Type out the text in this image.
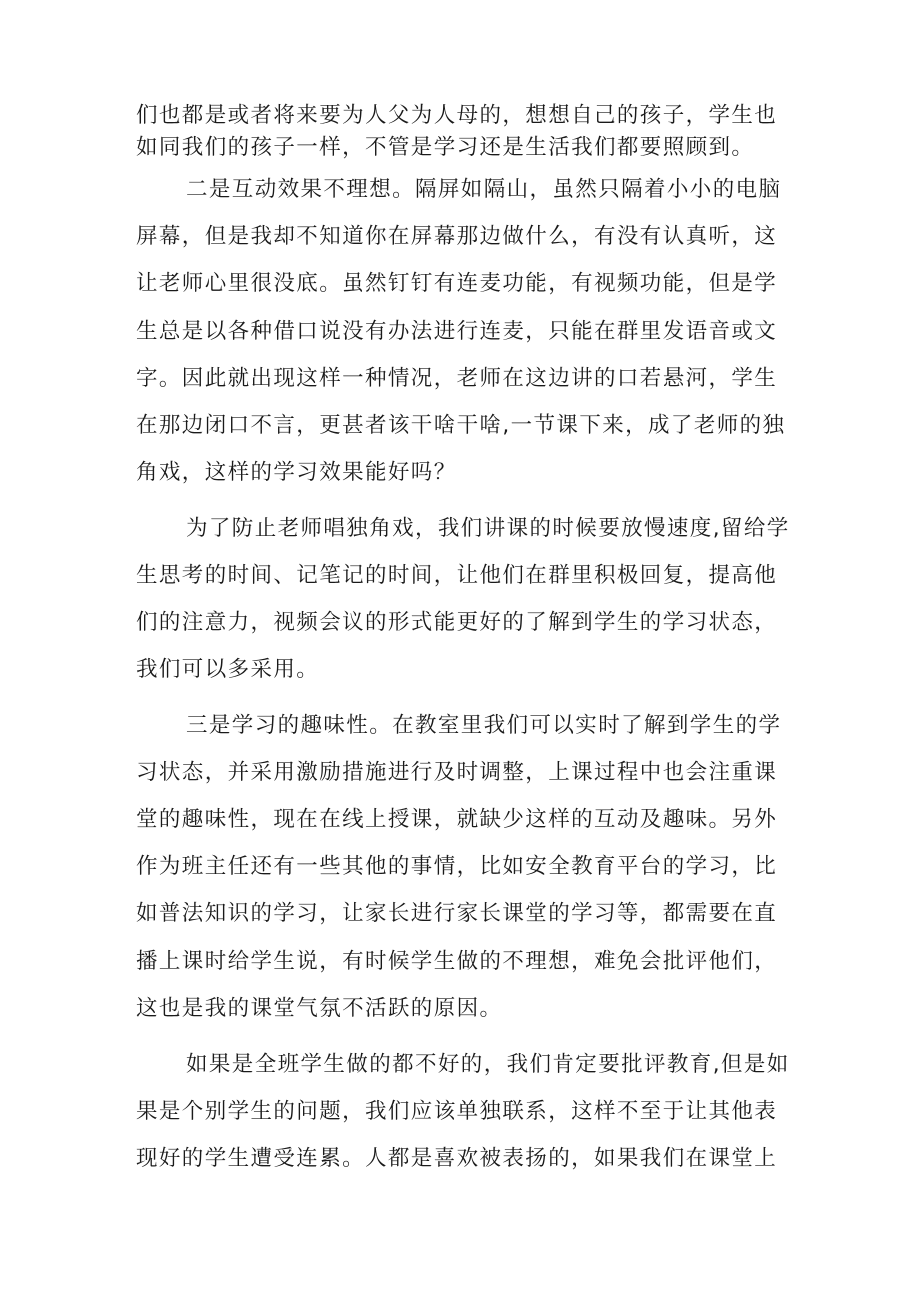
们也都是或者将来要为人父为人母的，想想自己的孩子，学生也

如同我们的孩子一样，不管是学习还是生活我们都要照顾到。

二是互动效果不理想。隔屏如隔山，虽然只隔着小小的电脑

屏幕，但是我却不知道你在屏幕那边做什么，有没有认真听，这

让老师心里很没底。虽然钉钉有连麦功能，有视频功能，但是学

生总是以各种借口说没有办法进行连麦，只能在群里发语音或文

字。因此就出现这样一种情况，老师在这边讲的口若悬河，学生

在那边闭口不言，更甚者该干啥干啥,一节课下来，成了老师的独

角戏，这样的学习效果能好吗？

为了防止老师唱独角戏，我们讲课的时候要放慢速度,留给学

生思考的时间、记笔记的时间，让他们在群里积极回复，提高他

们的注意力，视频会议的形式能更好的了解到学生的学习状态，

我们可以多采用。

三是学习的趣味性。在教室里我们可以实时了解到学生的学

习状态，并采用激励措施进行及时调整，上课过程中也会注重课

堂的趣味性，现在在线上授课，就缺少这样的互动及趣味。另外

作为班主任还有一些其他的事情，比如安全教育平台的学习，比

如普法知识的学习，让家长进行家长课堂的学习等，都需要在直

播上课时给学生说，有时候学生做的不理想，难免会批评他们，

这也是我的课堂气氛不活跃的原因。

如果是全班学生做的都不好的，我们肯定要批评教育,但是如

果是个别学生的问题，我们应该单独联系，这样不至于让其他表

现好的学生遭受连累。人都是喜欢被表扬的，如果我们在课堂上
